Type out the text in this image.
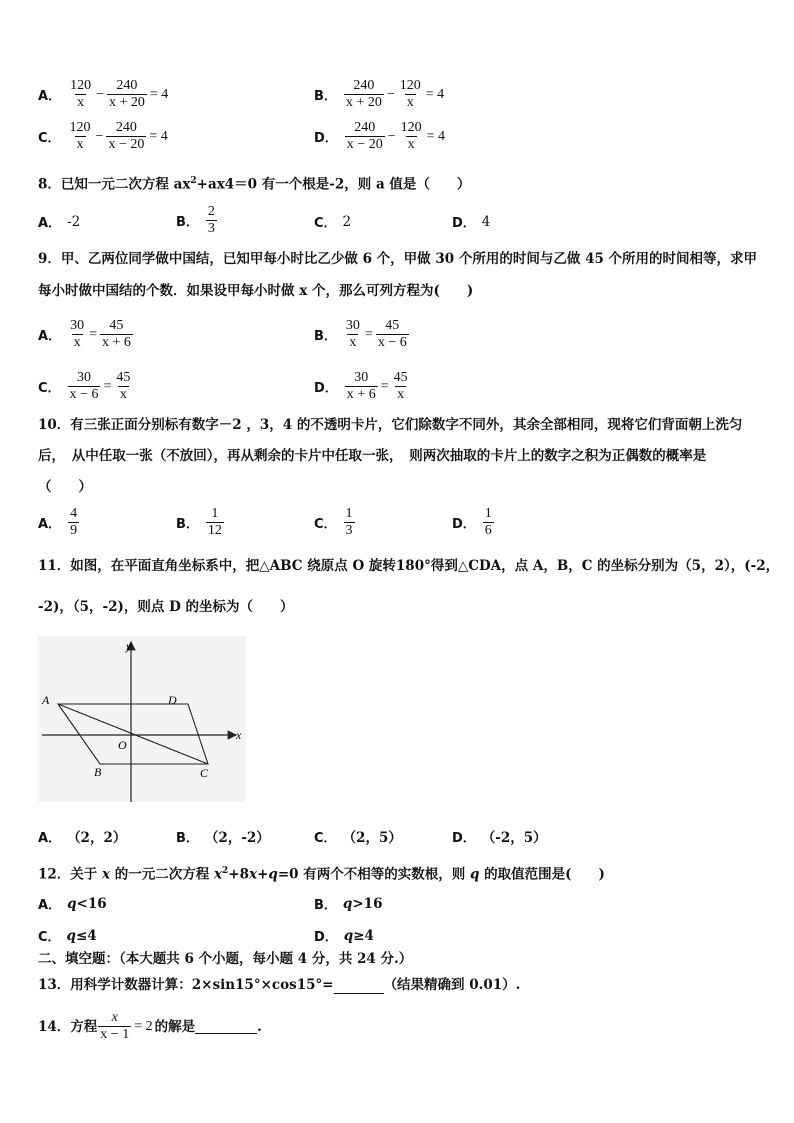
A． $\frac{120}{x} - \frac{240}{x + 20} = 4$	B． $\frac{240}{x + 20} - \frac{120}{x} = 4$
C． $\frac{120}{x} - \frac{240}{x - 20} = 4$	D． $\frac{240}{x - 20} - \frac{120}{x} = 4$
8．已知一元二次方程 $ax^2+ax4=0$ 有一个根是-2，则 a 值是（　　）
A． -2	B． $\frac{2}{3}$	C． 2	D． 4
9．甲、乙两位同学做中国结，已知甲每小时比乙少做 6 个，甲做 30 个所用的时间与乙做 45 个所用的时间相等，求甲
每小时做中国结的个数．如果设甲每小时做 x 个，那么可列方程为(　　)
A． $\frac{30}{x} = \frac{45}{x + 6}$	B． $\frac{30}{x} = \frac{45}{x - 6}$
C． $\frac{30}{x - 6} = \frac{45}{x}$	D． $\frac{30}{x + 6} = \frac{45}{x}$
10．有三张正面分别标有数字－2 ，3，4 的不透明卡片，它们除数字不同外，其余全部相同，现将它们背面朝上洗匀
后，　从中任取一张（不放回），再从剩余的卡片中任取一张，　则两次抽取的卡片上的数字之积为正偶数的概率是
（　　）
A． $\frac{4}{9}$	B． $\frac{1}{12}$	C． $\frac{1}{3}$	D． $\frac{1}{6}$
11．如图，在平面直角坐标系中，把△ABC 绕原点 O 旋转180°得到△CDA，点 A，B，C 的坐标分别为（5，2），(-2，
-2)，（5，-2)，则点 D 的坐标为（　　）
y
x
A	D
B	C
O
A． （2，2）	B． （2，-2）	C． （2，5）	D． （-2，5）
12．关于 x 的一元二次方程 $x^2+8x+q=0$ 有两个不相等的实数根，则 q 的取值范围是(　　)
A． q <16	B． q >16
C． q ≤4	D． q ≥4
二、填空题：（本大题共 6 个小题，每小题 4 分，共 24 分.）
13．用科学计数器计算：2×sin15°×cos15°=	（结果精确到 0.01）.
14．方程 $\frac{x}{x - 1} = 2$ 的解是	.
